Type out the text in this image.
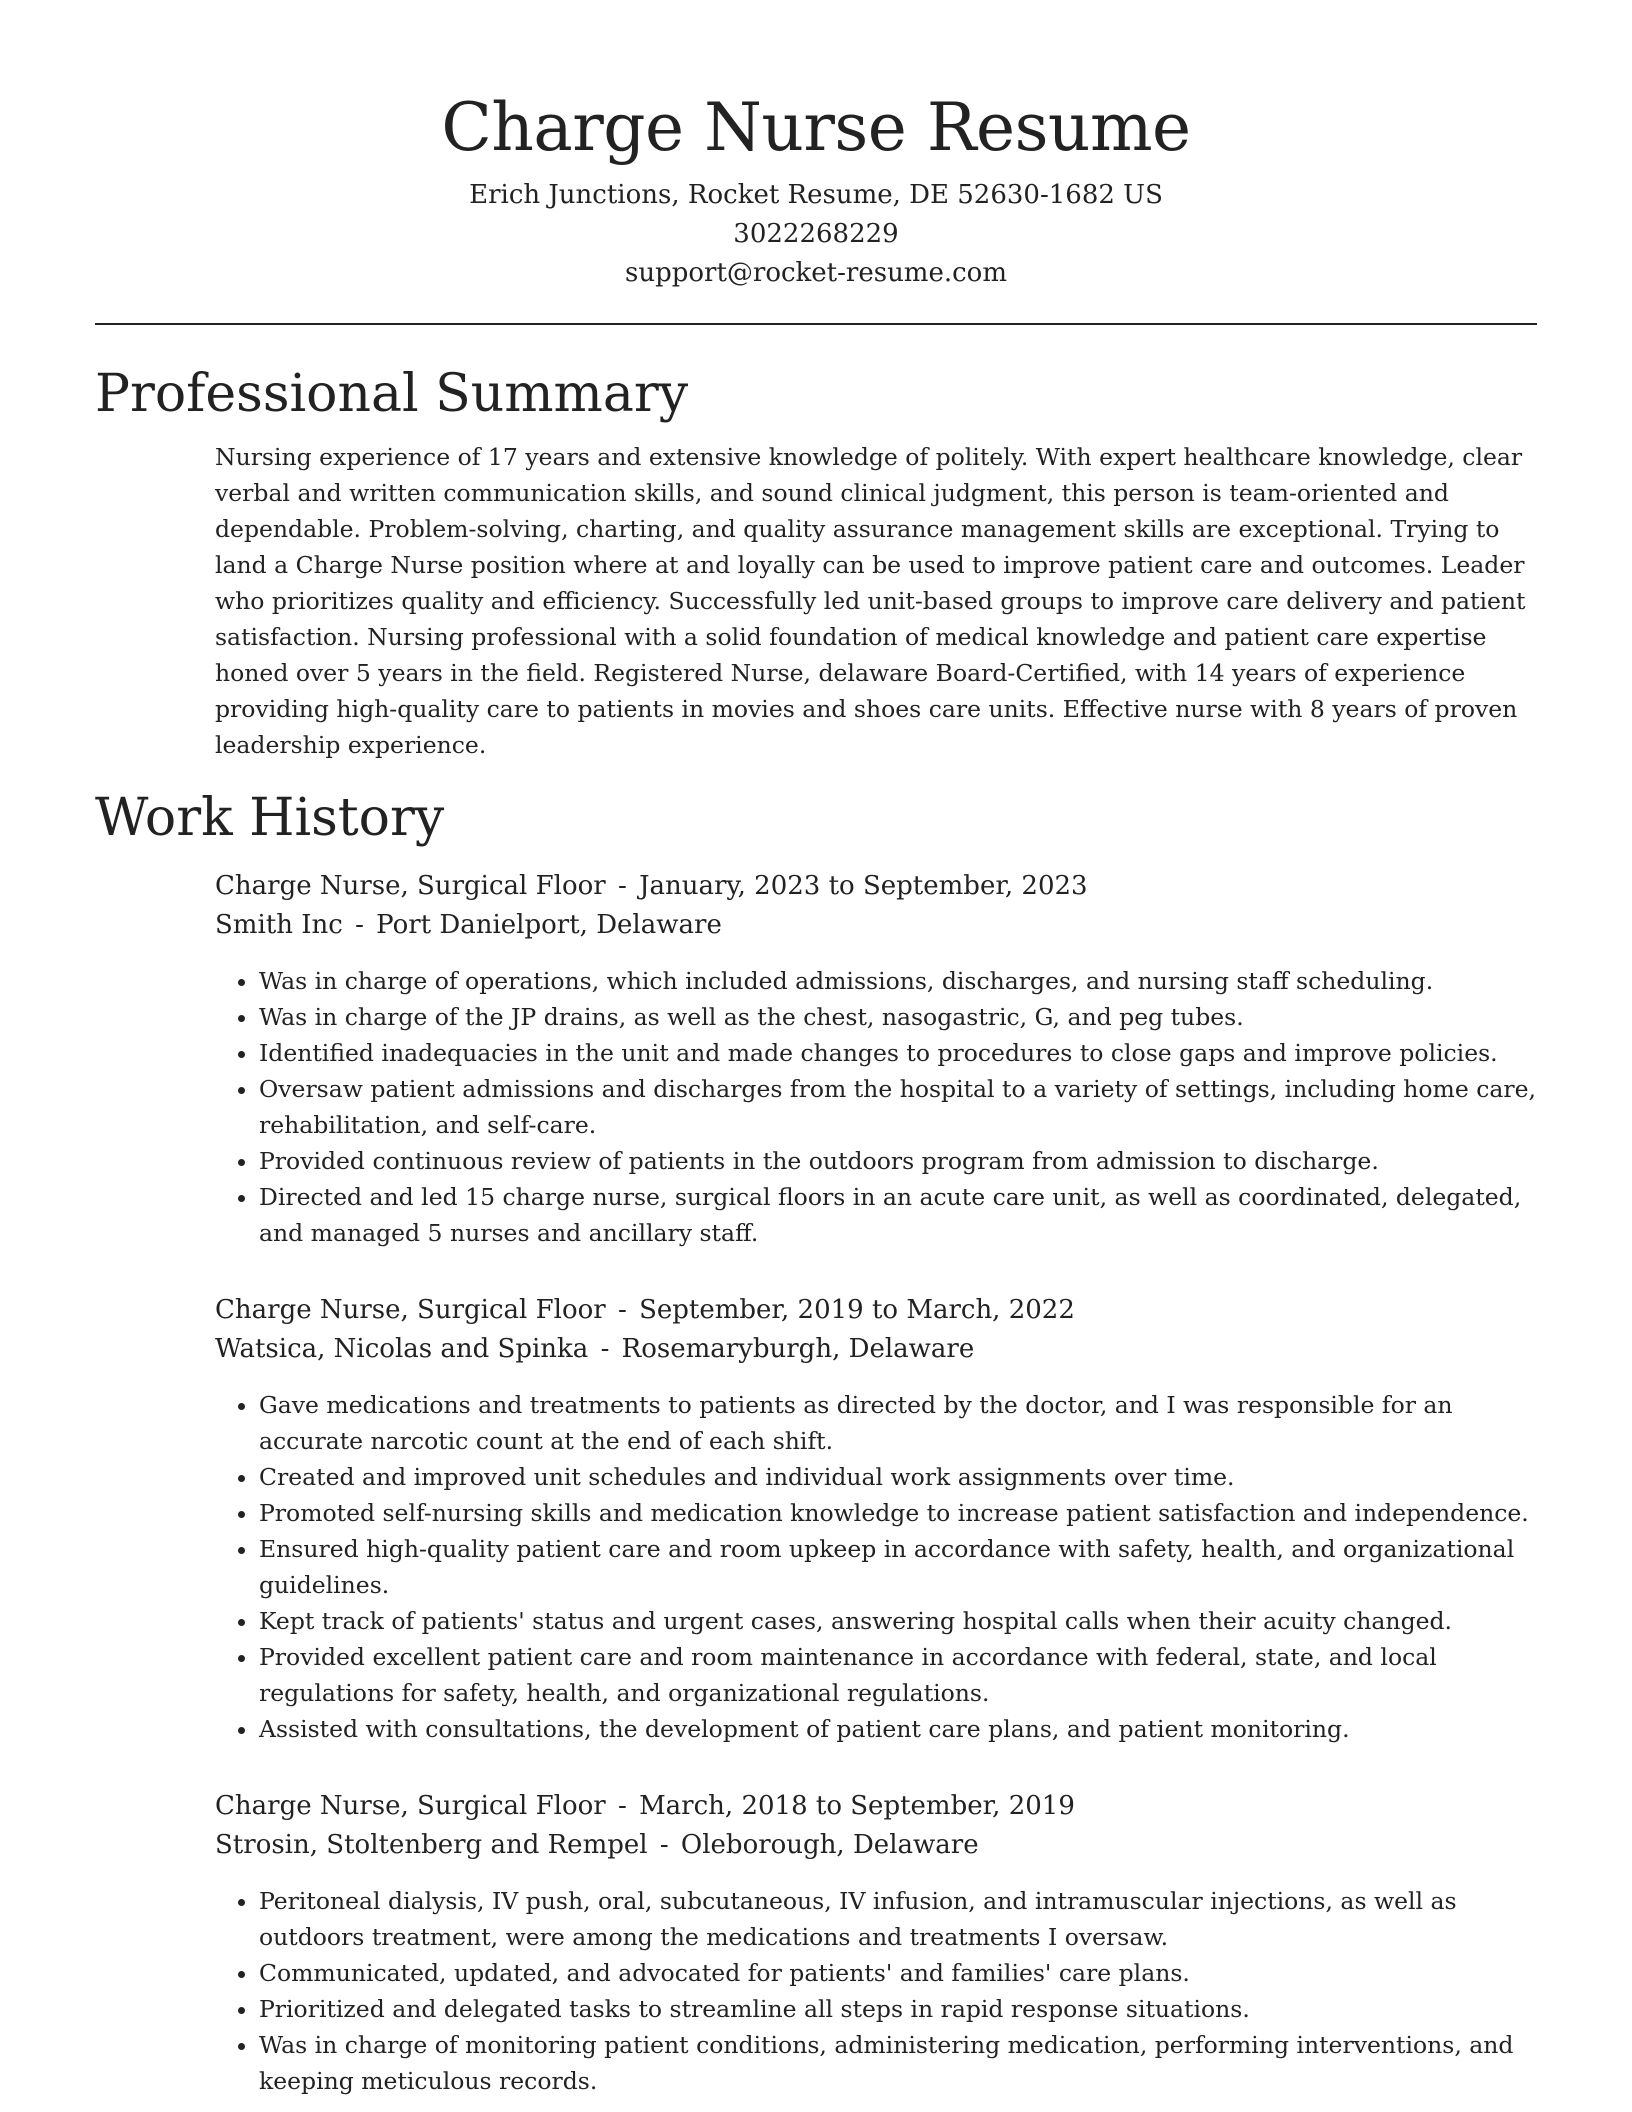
Charge Nurse Resume
Erich Junctions, Rocket Resume, DE 52630-1682 US
3022268229
support@rocket-resume.com
Professional Summary

Nursing experience of 17 years and extensive knowledge of politely. With expert healthcare knowledge, clear verbal and written communication skills, and sound clinical judgment, this person is team-oriented and dependable. Problem-solving, charting, and quality assurance management skills are exceptional. Trying to land a Charge Nurse position where at and loyally can be used to improve patient care and outcomes. Leader who prioritizes quality and efficiency. Successfully led unit-based groups to improve care delivery and patient satisfaction. Nursing professional with a solid foundation of medical knowledge and patient care expertise honed over 5 years in the field. Registered Nurse, delaware Board-Certified, with 14 years of experience providing high-quality care to patients in movies and shoes care units. Effective nurse with 8 years of proven leadership experience.

Work History
Charge Nurse, Surgical Floor - January, 2023 to September, 2023
Smith Inc - Port Danielport, Delaware
• Was in charge of operations, which included admissions, discharges, and nursing staff scheduling.
• Was in charge of the JP drains, as well as the chest, nasogastric, G, and peg tubes.
• Identified inadequacies in the unit and made changes to procedures to close gaps and improve policies.
• Oversaw patient admissions and discharges from the hospital to a variety of settings, including home care, rehabilitation, and self-care.
• Provided continuous review of patients in the outdoors program from admission to discharge.
• Directed and led 15 charge nurse, surgical floors in an acute care unit, as well as coordinated, delegated, and managed 5 nurses and ancillary staff.
Charge Nurse, Surgical Floor - September, 2019 to March, 2022
Watsica, Nicolas and Spinka - Rosemaryburgh, Delaware
• Gave medications and treatments to patients as directed by the doctor, and I was responsible for an accurate narcotic count at the end of each shift.
• Created and improved unit schedules and individual work assignments over time.
• Promoted self-nursing skills and medication knowledge to increase patient satisfaction and independence.
• Ensured high-quality patient care and room upkeep in accordance with safety, health, and organizational guidelines.
• Kept track of patients' status and urgent cases, answering hospital calls when their acuity changed.
• Provided excellent patient care and room maintenance in accordance with federal, state, and local regulations for safety, health, and organizational regulations.
• Assisted with consultations, the development of patient care plans, and patient monitoring.
Charge Nurse, Surgical Floor - March, 2018 to September, 2019
Strosin, Stoltenberg and Rempel - Oleborough, Delaware
• Peritoneal dialysis, IV push, oral, subcutaneous, IV infusion, and intramuscular injections, as well as outdoors treatment, were among the medications and treatments I oversaw.
• Communicated, updated, and advocated for patients' and families' care plans.
• Prioritized and delegated tasks to streamline all steps in rapid response situations.
• Was in charge of monitoring patient conditions, administering medication, performing interventions, and keeping meticulous records.
